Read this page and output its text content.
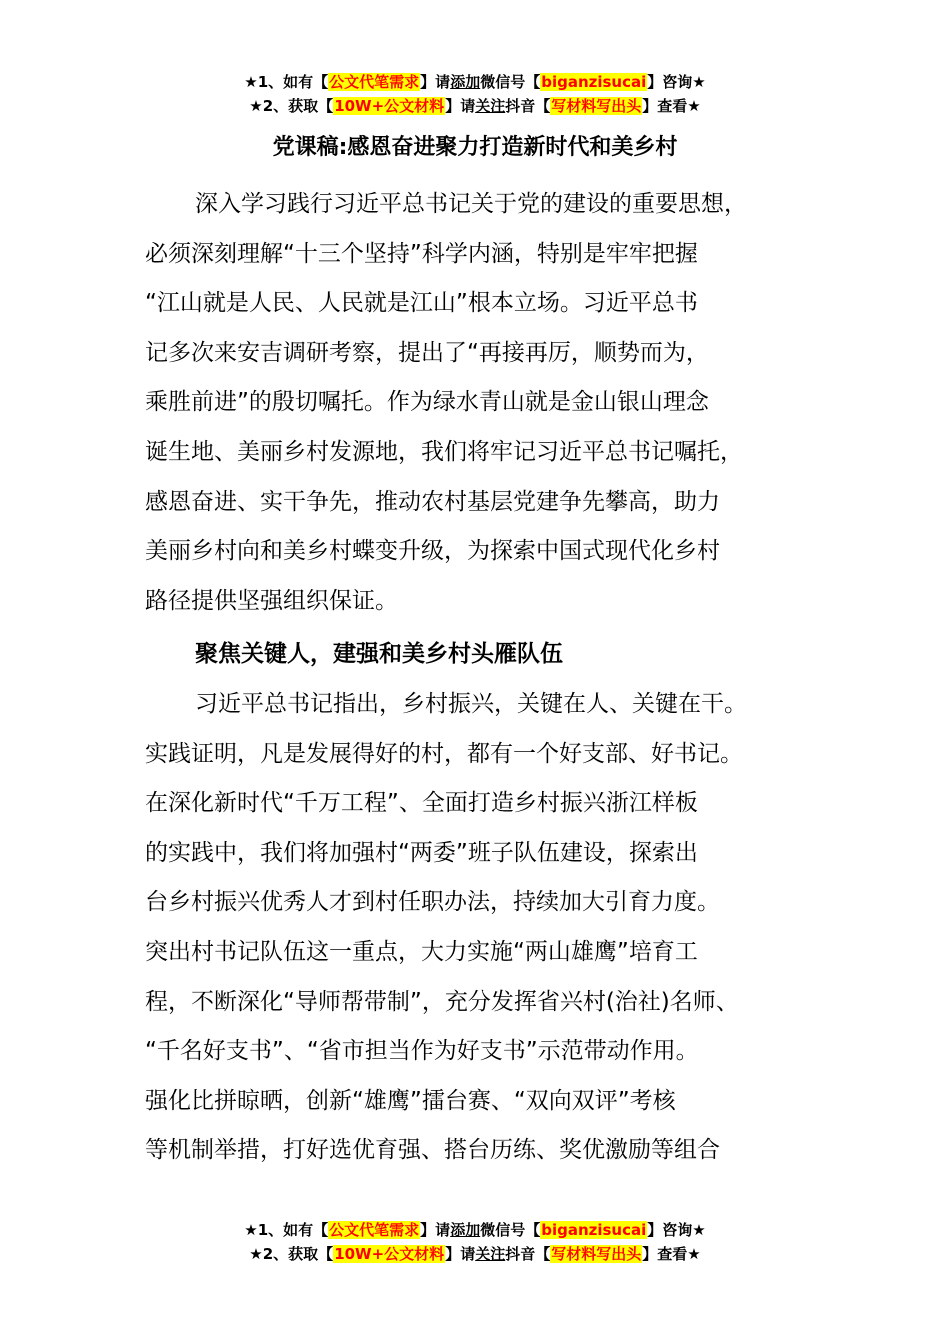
★1、如有【公文代笔需求】请添加微信号【biganzisucai】咨询★
★2、获取【10W+公文材料】请关注抖音【写材料写出头】查看★
党课稿:感恩奋进聚力打造新时代和美乡村

深入学习践行习近平总书记关于党的建设的重要思想，
必须深刻理解“十三个坚持”科学内涵，特别是牢牢把握
“江山就是人民、人民就是江山”根本立场。习近平总书
记多次来安吉调研考察，提出了“再接再厉，顺势而为，
乘胜前进”的殷切嘱托。作为绿水青山就是金山银山理念
诞生地、美丽乡村发源地，我们将牢记习近平总书记嘱托，
感恩奋进、实干争先，推动农村基层党建争先攀高，助力
美丽乡村向和美乡村蝶变升级，为探索中国式现代化乡村
路径提供坚强组织保证。

聚焦关键人，建强和美乡村头雁队伍

习近平总书记指出，乡村振兴，关键在人、关键在干。
实践证明，凡是发展得好的村，都有一个好支部、好书记。
在深化新时代“千万工程”、全面打造乡村振兴浙江样板
的实践中，我们将加强村“两委”班子队伍建设，探索出
台乡村振兴优秀人才到村任职办法，持续加大引育力度。
突出村书记队伍这一重点，大力实施“两山雄鹰”培育工
程，不断深化“导师帮带制”，充分发挥省兴村(治社)名师、
“千名好支书”、“省市担当作为好支书”示范带动作用。
强化比拼晾晒，创新“雄鹰”擂台赛、“双向双评”考核
等机制举措，打好选优育强、搭台历练、奖优激励等组合

★1、如有【公文代笔需求】请添加微信号【biganzisucai】咨询★
★2、获取【10W+公文材料】请关注抖音【写材料写出头】查看★
